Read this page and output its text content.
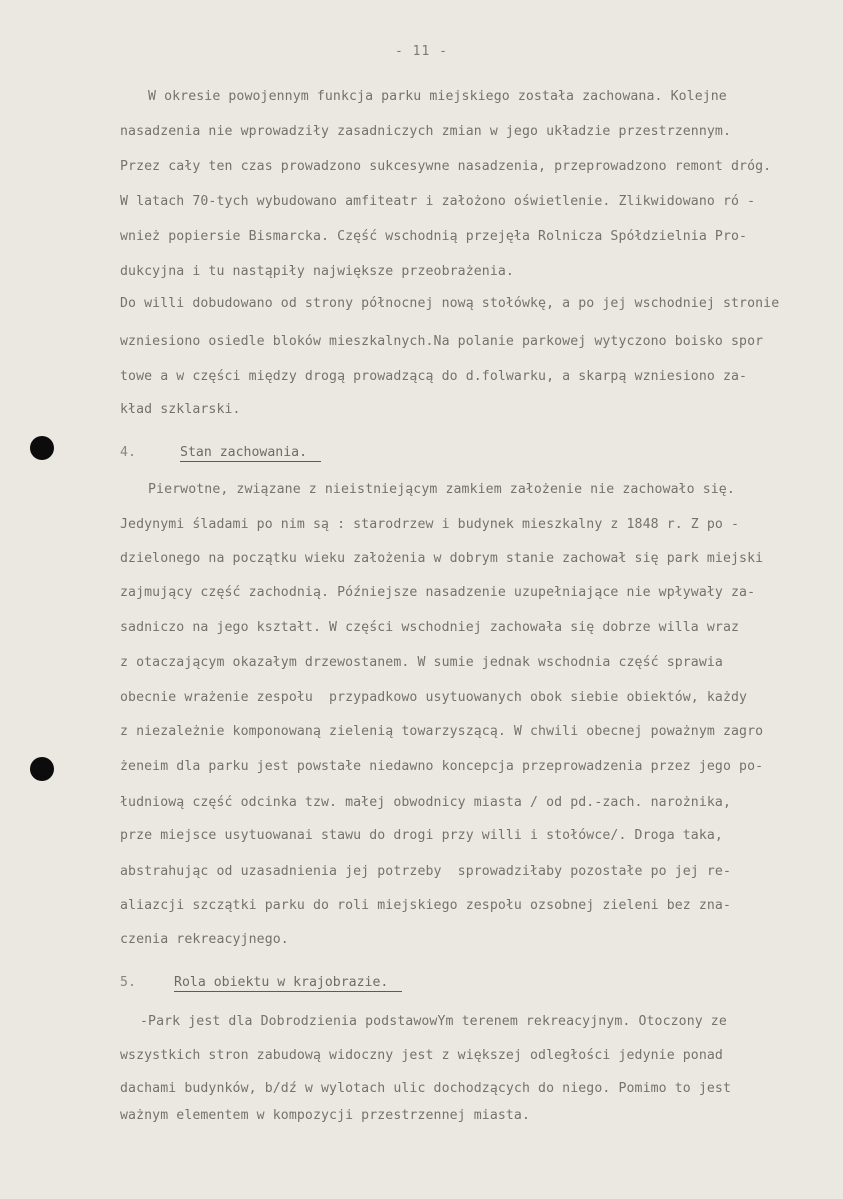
- 11 -
W okresie powojennym funkcja parku miejskiego została zachowana. Kolejne
nasadzenia nie wprowadziły zasadniczych zmian w jego układzie przestrzennym.
Przez cały ten czas prowadzono sukcesywne nasadzenia, przeprowadzono remont dróg.
W latach 70-tych wybudowano amfiteatr i założono oświetlenie. Zlikwidowano ró -
wnież popiersie Bismarcka. Część wschodnią przejęła Rolnicza Spółdzielnia Pro-
dukcyjna i tu nastąpiły największe przeobrażenia.
Do willi dobudowano od strony północnej nową stołówkę, a po jej wschodniej stronie
wzniesiono osiedle bloków mieszkalnych.Na polanie parkowej wytyczono boisko spor
towe a w części między drogą prowadzącą do d.folwarku, a skarpą wzniesiono za-
kład szklarski.
4.	Stan zachowania.
Pierwotne, związane z nieistniejącym zamkiem założenie nie zachowało się.
Jedynymi śladami po nim są : starodrzew i budynek mieszkalny z 1848 r. Z po -
dzielonego na początku wieku założenia w dobrym stanie zachował się park miejski
zajmujący część zachodnią. Późniejsze nasadzenie uzupełniające nie wpływały za-
sadniczo na jego kształt. W części wschodniej zachowała się dobrze willa wraz
z otaczającym okazałym drzewostanem. W sumie jednak wschodnia część sprawia
obecnie wrażenie zespołu  przypadkowo usytuowanych obok siebie obiektów, każdy
z niezależnie komponowaną zielenią towarzyszącą. W chwili obecnej poważnym zagro
żeneim dla parku jest powstałe niedawno koncepcja przeprowadzenia przez jego po-
łudniową część odcinka tzw. małej obwodnicy miasta / od pd.-zach. narożnika,
prze miejsce usytuowanai stawu do drogi przy willi i stołówce/. Droga taka,
abstrahując od uzasadnienia jej potrzeby  sprowadziłaby pozostałe po jej re-
aliazcji szczątki parku do roli miejskiego zespołu ozsobnej zieleni bez zna-
czenia rekreacyjnego.
5.	Rola obiektu w krajobrazie.
-Park jest dla Dobrodzienia podstawowYm terenem rekreacyjnym. Otoczony ze
wszystkich stron zabudową widoczny jest z większej odległości jedynie ponad
dachami budynków, b/dź w wylotach ulic dochodzących do niego. Pomimo to jest
ważnym elementem w kompozycji przestrzennej miasta.
